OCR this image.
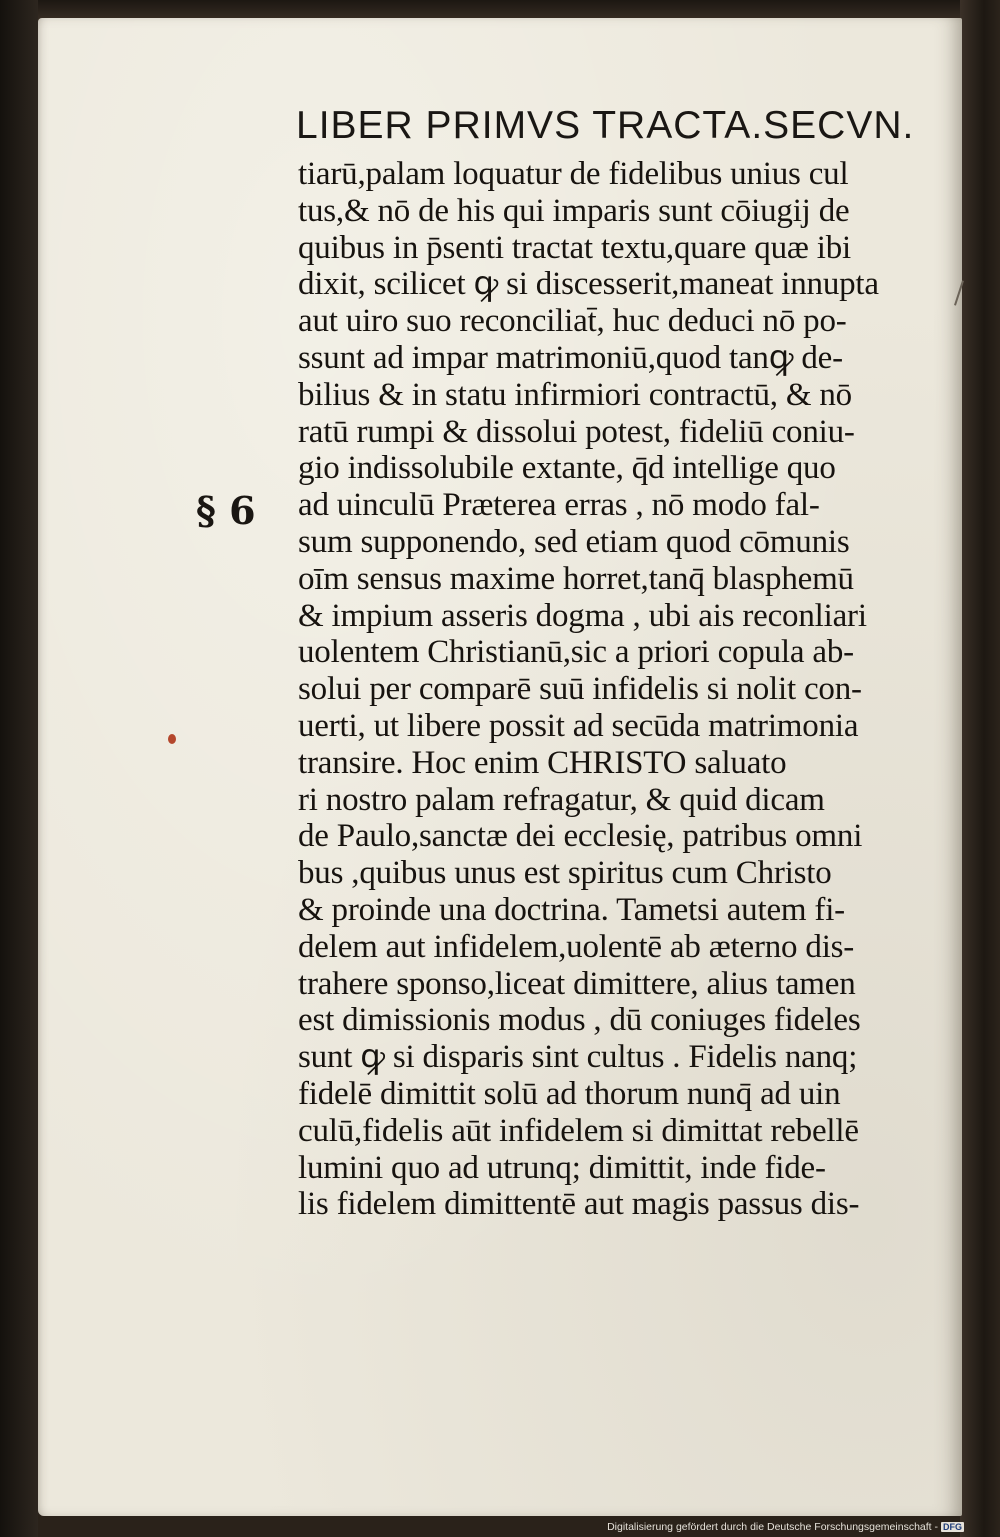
LIBER PRIMVS TRACTA.SECVN.
§ 6
tiarū,palam loquatur de fidelibus unius cul
tus,& nō de his qui imparis sunt cōiugij de
quibus in p̄senti tractat textu,quare quæ ibi
dixit, scilicet ꝙ si discesserit,maneat innupta
aut uiro suo reconciliat̄, huc deduci nō po-
ssunt ad impar matrimoniū,quod tanꝙ de-
bilius & in statu infirmiori contractū, & nō
ratū rumpi & dissolui potest, fideliū coniu-
gio indissolubile extante, q̄d intellige quo
ad uinculū Præterea erras , nō modo fal-
sum supponendo, sed etiam quod cōmunis
oīm sensus maxime horret,tanq̄ blasphemū
& impium asseris dogma , ubi ais reconliari
uolentem Christianū,sic a priori copula ab-
solui per comparē suū infidelis si nolit con-
uerti, ut libere possit ad secūda matrimonia
transire. Hoc enim CHRISTO saluato
ri nostro palam refragatur, & quid dicam
de Paulo,sanctæ dei ecclesię, patribus omni
bus ,quibus unus est spiritus cum Christo
& proinde una doctrina. Tametsi autem fi-
delem aut infidelem,uolentē ab æterno dis-
trahere sponso,liceat dimittere, alius tamen
est dimissionis modus , dū coniuges fideles
sunt ꝙ si disparis sint cultus . Fidelis nanq;
fidelē dimittit solū ad thorum nunq̄ ad uin
culū,fidelis aūt infidelem si dimittat rebellē
lumini quo ad utrunq; dimittit, inde fide-
lis fidelem dimittentē aut magis passus dis-
Digitalisierung gefördert durch die Deutsche Forschungsgemeinschaft - DFG
